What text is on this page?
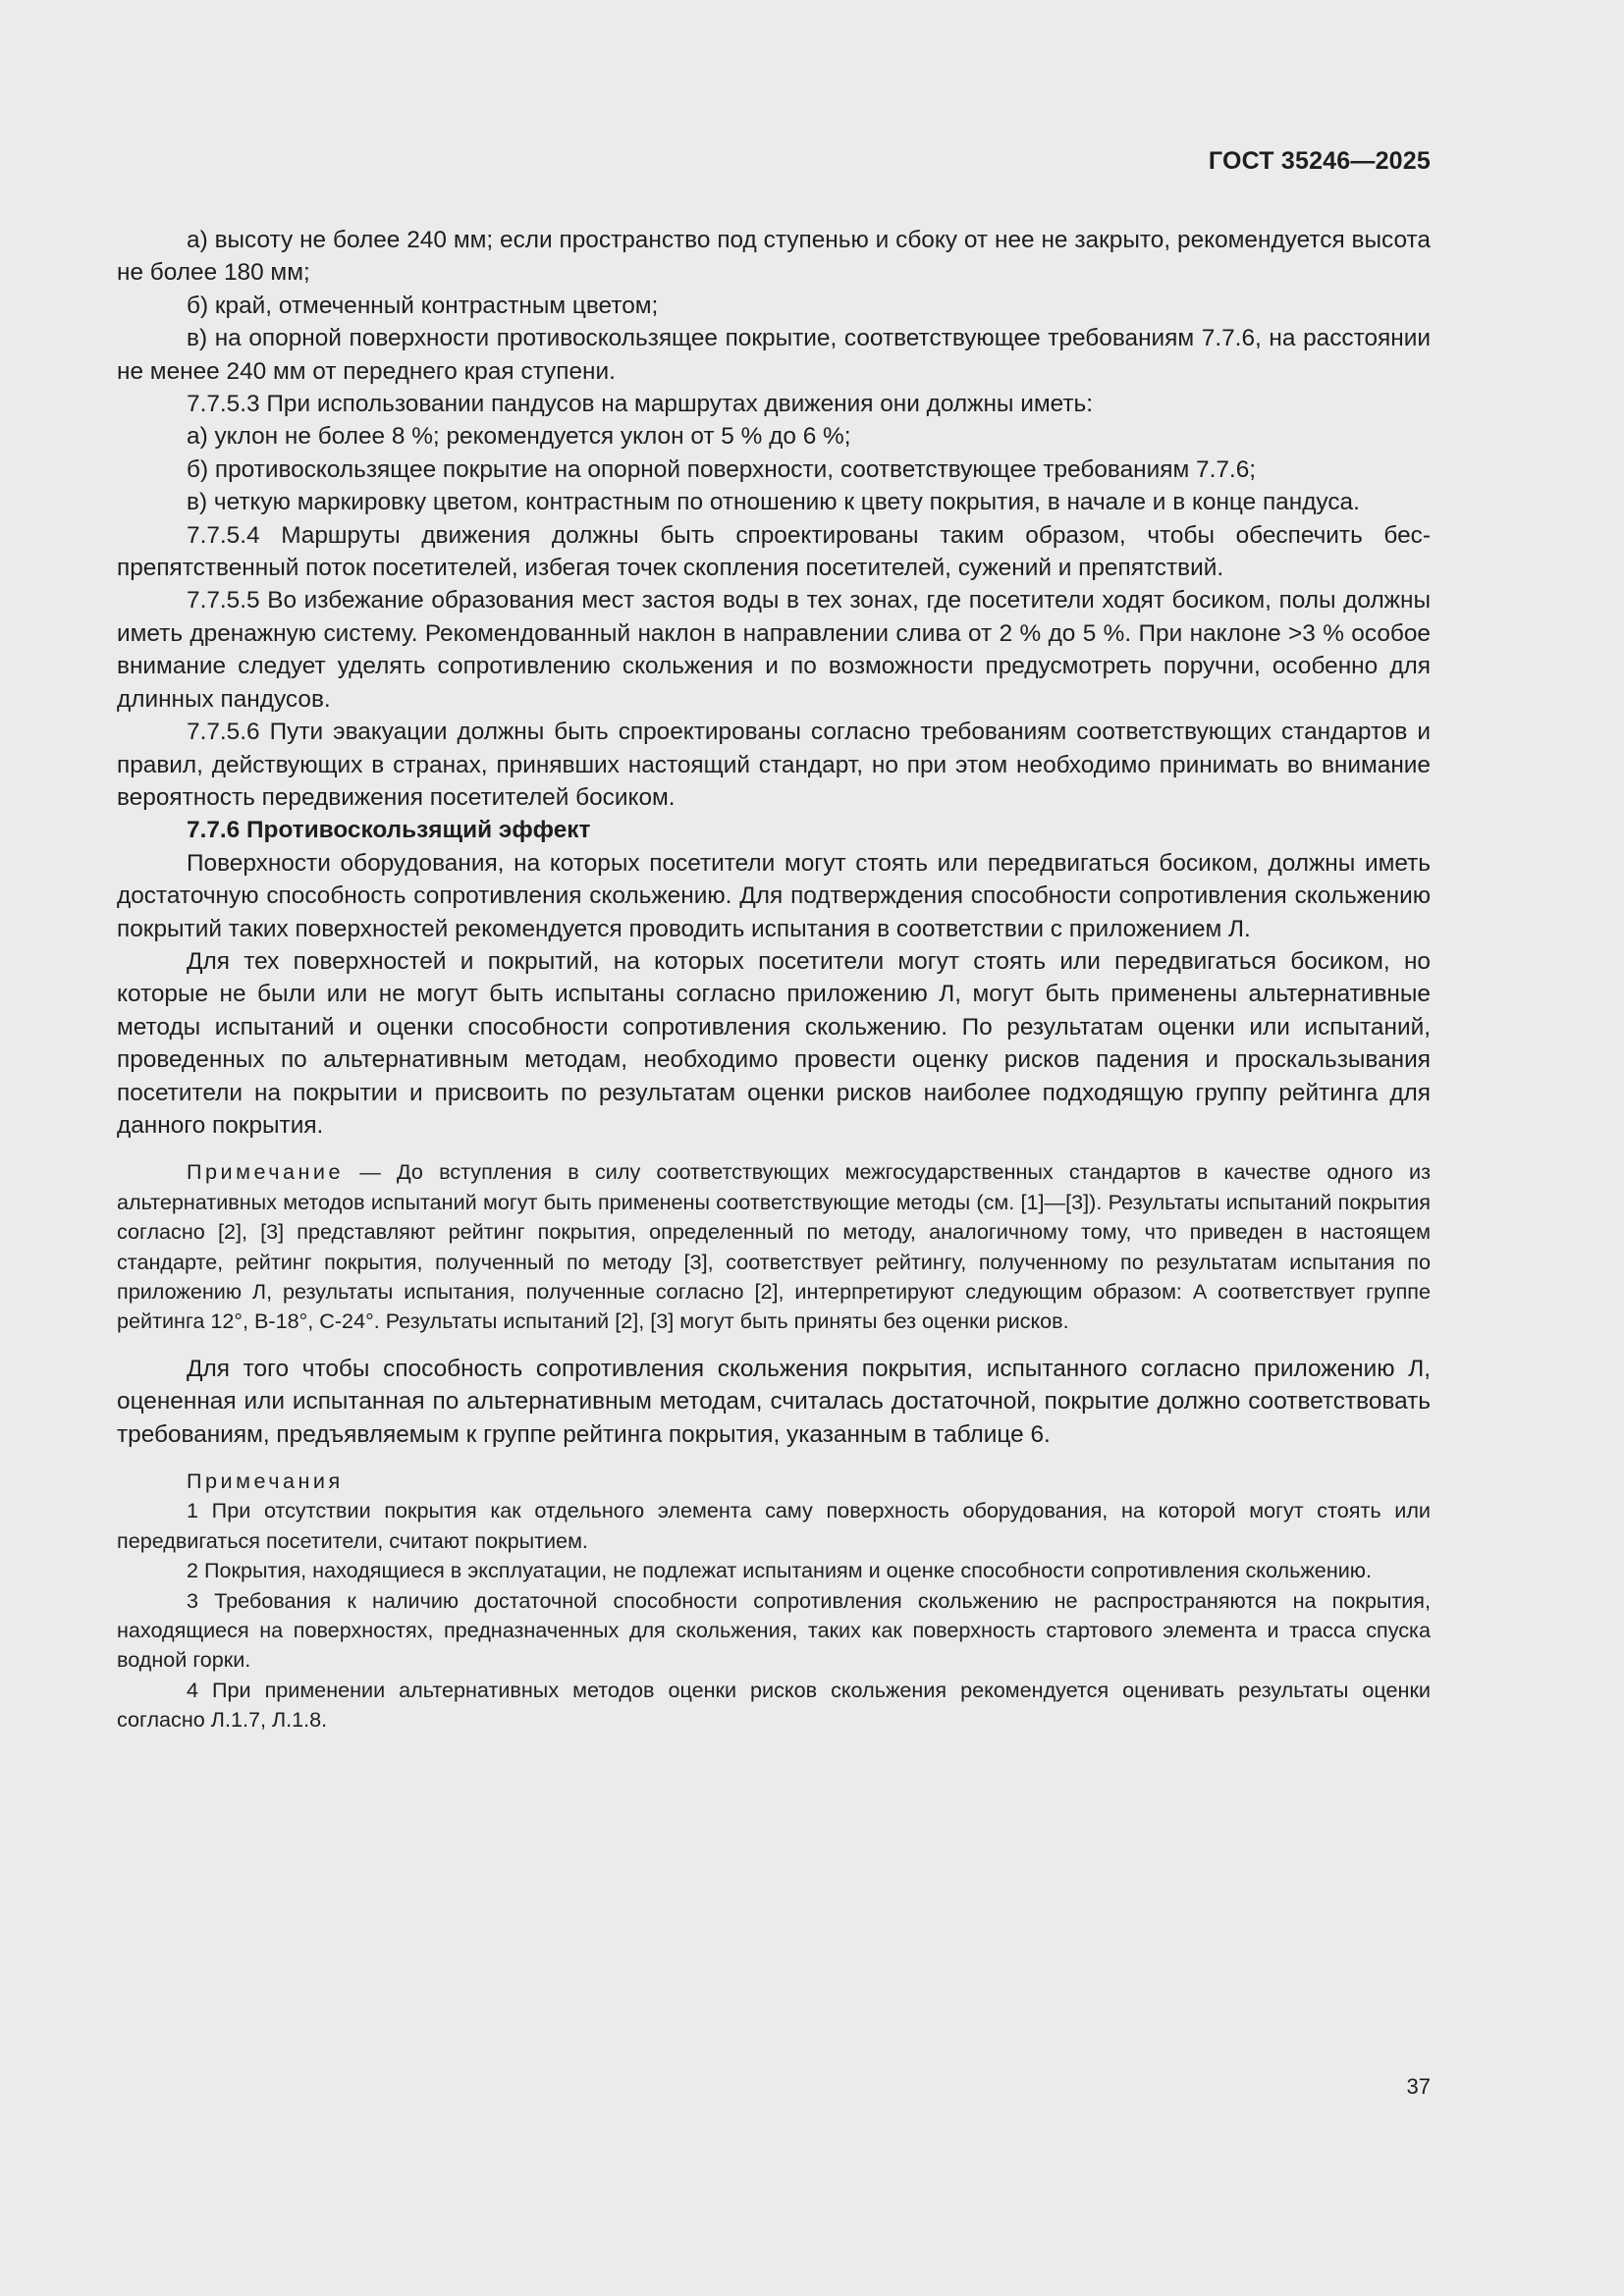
ГОСТ 35246—2025

а) высоту не более 240 мм; если пространство под ступенью и сбоку от нее не закрыто, рекомендуется высота не более 180 мм;

б) край, отмеченный контрастным цветом;

в) на опорной поверхности противоскользящее покрытие, соответствующее требованиям 7.7.6, на расстоянии не менее 240 мм от переднего края ступени.

7.7.5.3 При использовании пандусов на маршрутах движения они должны иметь:

а) уклон не более 8 %; рекомендуется уклон от 5 % до 6 %;

б) противоскользящее покрытие на опорной поверхности, соответствующее требованиям 7.7.6;

в) четкую маркировку цветом, контрастным по отношению к цвету покрытия, в начале и в конце пандуса.

7.7.5.4 Маршруты движения должны быть спроектированы таким образом, чтобы обеспечить беспрепятственный поток посетителей, избегая точек скопления посетителей, сужений и препятствий.

7.7.5.5 Во избежание образования мест застоя воды в тех зонах, где посетители ходят босиком, полы должны иметь дренажную систему. Рекомендованный наклон в направлении слива от 2 % до 5 %. При наклоне >3 % особое внимание следует уделять сопротивлению скольжения и по возможности предусмотреть поручни, особенно для длинных пандусов.

7.7.5.6 Пути эвакуации должны быть спроектированы согласно требованиям соответствующих стандартов и правил, действующих в странах, принявших настоящий стандарт, но при этом необходимо принимать во внимание вероятность передвижения посетителей босиком.

7.7.6 Противоскользящий эффект

Поверхности оборудования, на которых посетители могут стоять или передвигаться босиком, должны иметь достаточную способность сопротивления скольжению. Для подтверждения способности сопротивления скольжению покрытий таких поверхностей рекомендуется проводить испытания в соответствии с приложением Л.

Для тех поверхностей и покрытий, на которых посетители могут стоять или передвигаться босиком, но которые не были или не могут быть испытаны согласно приложению Л, могут быть применены альтернативные методы испытаний и оценки способности сопротивления скольжению. По результатам оценки или испытаний, проведенных по альтернативным методам, необходимо провести оценку рисков падения и проскальзывания посетители на покрытии и присвоить по результатам оценки рисков наиболее подходящую группу рейтинга для данного покрытия.

Примечание — До вступления в силу соответствующих межгосударственных стандартов в качестве одного из альтернативных методов испытаний могут быть применены соответствующие методы (см. [1]—[3]). Результаты испытаний покрытия согласно [2], [3] представляют рейтинг покрытия, определенный по методу, аналогичному тому, что приведен в настоящем стандарте, рейтинг покрытия, полученный по методу [3], соответствует рейтингу, полученному по результатам испытания по приложению Л, результаты испытания, полученные согласно [2], интерпретируют следующим образом: А соответствует группе рейтинга 12°, B-18°, C-24°. Результаты испытаний [2], [3] могут быть приняты без оценки рисков.

Для того чтобы способность сопротивления скольжения покрытия, испытанного согласно приложению Л, оцененная или испытанная по альтернативным методам, считалась достаточной, покрытие должно соответствовать требованиям, предъявляемым к группе рейтинга покрытия, указанным в таблице 6.

Примечания

1 При отсутствии покрытия как отдельного элемента саму поверхность оборудования, на которой могут стоять или передвигаться посетители, считают покрытием.

2 Покрытия, находящиеся в эксплуатации, не подлежат испытаниям и оценке способности сопротивления скольжению.

3 Требования к наличию достаточной способности сопротивления скольжению не распространяются на покрытия, находящиеся на поверхностях, предназначенных для скольжения, таких как поверхность стартового элемента и трасса спуска водной горки.

4 При применении альтернативных методов оценки рисков скольжения рекомендуется оценивать результаты оценки согласно Л.1.7, Л.1.8.

37
